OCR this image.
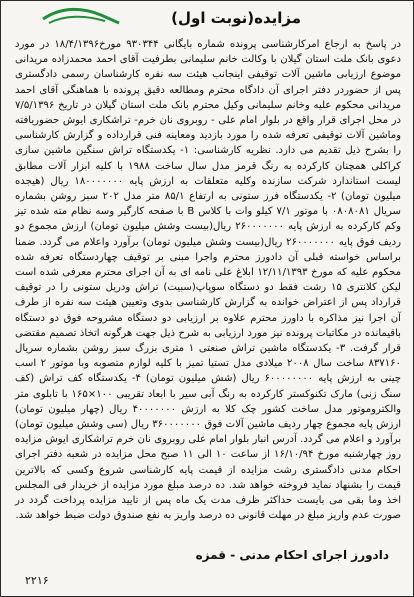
مزایده(نوبت اول)
در پاسخ به ارجاع امرکارشناسی پرونده شماره بایگانی ۹۳۰۳۴۴ مورخ۱۸/۴/۱۳۹۶ در مورد دعوی بانک ملت استان گیلان با وکالت خانم سلیمانی بطرفیت آقای احمد محمدزاده مریدانی موضوع ارزیابی ماشین آلات توقیفی اینجانب هیئت سه نفره کارشناسان رسمی دادگستری پس از حضوردر دفتر اجرای آن دادگاه محترم ومطالعه دقیق پرونده با هماهنگی آقای احمد مریدانی محکوم علیه وخانم سلیمانی وکیل محترم بانک ملت استان گیلان در تاریخ ۷/۵/۱۳۹۶ در محل اجرای قرار واقع در بلوار امام علی - روبروی نان خرم- تراشکاری ایوش حضوریافته وماشین آلات توقیفی تعرفه شده را مورد بازدید ومعاینه فنی قرارداده و گزارش کارشناسی را بشرح ذیل تقدیم می دارد. نظریه کارشناسی: ۱- یکدستگاه تراش سنگین ماشین سازی کراکلی همچنان کارکرده به رنگ قرمز مدل سال ساخت ۱۹۸۸ با کلیه ابزار آلات مطابق لیست استاندارد شرکت سازنده وکلیه متعلقات به ارزش پایه ۱۸۰۰۰۰۰۰۰ ریال (هیجده میلیون تومان) ۲- یکدستگاه فرز ستونی به ارتفاع ۸۵/۱ متر مدل ۲۰۲ سبز روشن بشماره سریال ۰۸۰۸۰۸۱ با موتور ۷/۱ کیلو وات با کلاس B با صفحه کارگیر وسه نظام مته شده تیز وکم کارکرده به ارزش پایه ۲۶۰۰۰۰۰۰۰ ریال(بیست وشش میلیون تومان) ارزش مجموع دو ردیف فوق پایه ۲۶۰۰۰۰۰۰۰ ریال(بیست وشش میلیون تومان) برآورد واعلام می گردد. ضمنا براساس خواسته قبلی آن دادورز محترم واجرا مبنی بر توقیف چهاردستگاه تعرفه شده محکوم علیه که مورخ ۱۲/۱۱/۱۳۹۳ ابلاغ علی نامه ای به آن اجرای محترم معرفی شده است لیکن کلانتری ۱۵ رشت فقط دو دستگاه سوپاپ(سبیت) تراش ودریل ستونی را در توقیف قرارداد پس از اعتراض خوانده به گزارش کارشناسی بدوی وتعیین هیئت سه نفره از طرف آن اجرا نیز مذاکره با داورز محترم علاوه بر ارزیابی دو دستگاه مشروحه فوق دو دستگاه باقیمانده در مکاتبات پرونده نیز مورد ارزیابی به شرح ذیل جهت هرگونه اتخاذ تصمیم مقتضی قرار گرفت. ۳- یکدستگاه ماشین تراش صنعتی ۱ متری بزرگ سبز روشن بشماره سریال ۸۳۷۱۶۰ ساخت سال ۲۰۰۸ میلادی مدل تستیا تمیز با کلیه لوازم متصوبه وبا موتور ۲ اسب چینی به ارزش پایه ۶۰۰۰۰۰۰۰۰ ریال (شش میلیون تومان) ۴- یکدستگاه کف تراش (کف سنگ زنی) مارک تکنوکستر کارکرده به رنگ آبی سیر با ابعاد تقریبی ۱۰۰×۱۶۵ با تابلوی متر والکتروموتور مدل ساخت کشور چک کلا به ارزش ۴۰۰۰۰۰۰۰ ریال (چهار میلیون تومان) ارزش پایه مجموع چهار ردیف ماشین آلات فوق ۳۶۰۰۰۰۰۰۰ ریال (سی وشش میلیون تومان) برآورد و اعلام می گردد. آدرس انبار بلوار امام علی روبروی نان خرم تراشکاری ایوش مزایده روز چهارشنبه مورخ ۱۶/۱۰/۹۴ از ساعت ۱۰ الی ۱۱ صبح محل مزایده در شعبه دفتر اجرای احکام مدنی دادگستری رشت مزایده از قیمت پایه کارشناسی شروع وکسی که بالاترین قیمت را بشنهاد نماید فروخته خواهد شد. ده درصد مبلغ مورد مزایده از خریدار فی المجلس اخذ وما بقی می بایست حداکثر ظرف مدت یک ماه پس از تایید مزایده پرداخت گردد در صورت عدم واریز مبلغ در مهلت قانونی ده درصد واریز به نفع صندوق دولت ضبط خواهد شد.
دادورز اجرای احکام مدنی - قمزه
۲۲۱۶
